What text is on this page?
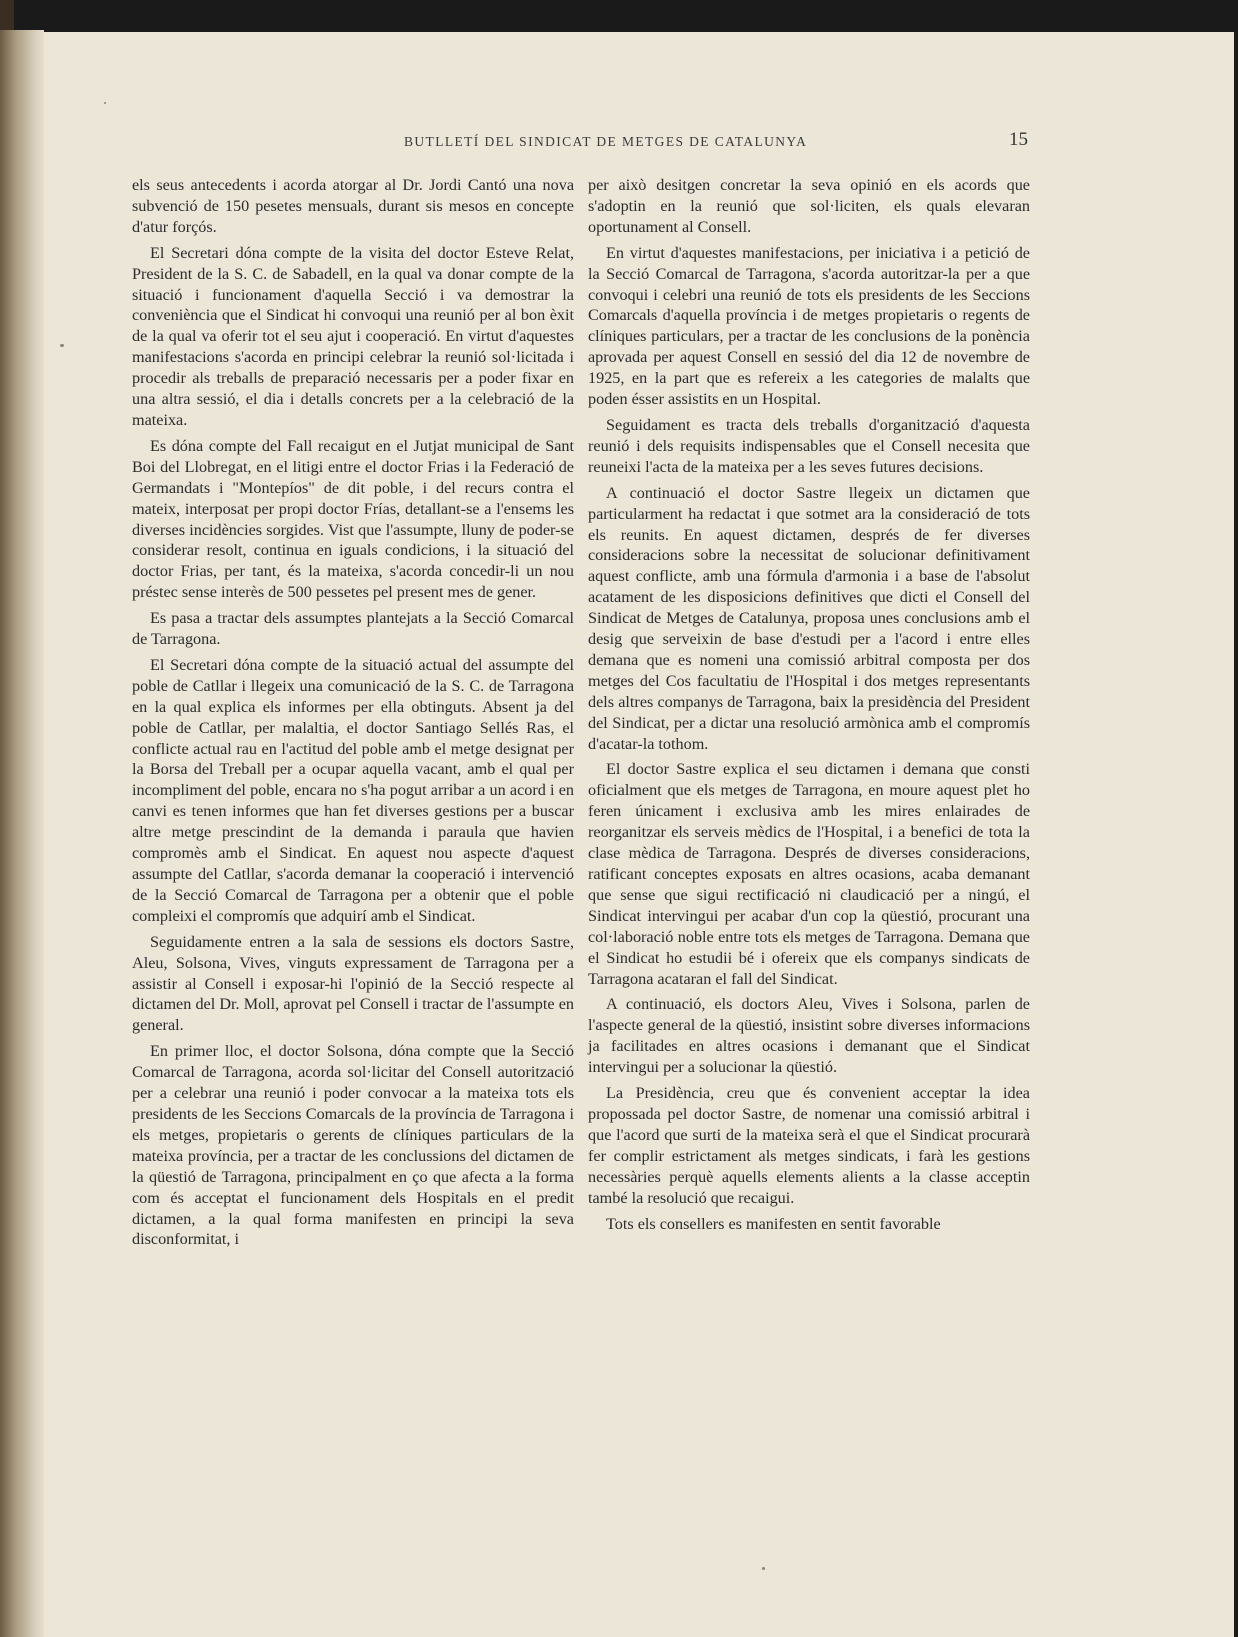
BUTLLETÍ DEL SINDICAT DE METGES DE CATALUNYA	15

els seus antecedents i acorda atorgar al Dr. Jordi Cantó una nova subvenció de 150 pesetes mensuals, durant sis mesos en concepte d'atur forçós.

El Secretari dóna compte de la visita del doctor Esteve Relat, President de la S. C. de Sabadell, en la qual va donar compte de la situació i funcionament d'aquella Secció i va demostrar la conveniència que el Sindicat hi convoqui una reunió per al bon èxit de la qual va oferir tot el seu ajut i cooperació. En virtut d'aquestes manifestacions s'acorda en principi celebrar la reunió sol·licitada i procedir als treballs de preparació necessaris per a poder fixar en una altra sessió, el dia i detalls concrets per a la celebració de la mateixa.

Es dóna compte del Fall recaigut en el Jutjat municipal de Sant Boi del Llobregat, en el litigi entre el doctor Frias i la Federació de Germandats i "Montepíos" de dit poble, i del recurs contra el mateix, interposat per propi doctor Frías, detallant-se a l'ensems les diverses incidències sorgides. Vist que l'assumpte, lluny de poder-se considerar resolt, continua en iguals condicions, i la situació del doctor Frias, per tant, és la mateixa, s'acorda concedir-li un nou préstec sense interès de 500 pessetes pel present mes de gener.

Es pasa a tractar dels assumptes plantejats a la Secció Comarcal de Tarragona.

El Secretari dóna compte de la situació actual del assumpte del poble de Catllar i llegeix una comunicació de la S. C. de Tarragona en la qual explica els informes per ella obtinguts. Absent ja del poble de Catllar, per malaltia, el doctor Santiago Sellés Ras, el conflicte actual rau en l'actitud del poble amb el metge designat per la Borsa del Treball per a ocupar aquella vacant, amb el qual per incompliment del poble, encara no s'ha pogut arribar a un acord i en canvi es tenen informes que han fet diverses gestions per a buscar altre metge prescindint de la demanda i paraula que havien compromès amb el Sindicat. En aquest nou aspecte d'aquest assumpte del Catllar, s'acorda demanar la cooperació i intervenció de la Secció Comarcal de Tarragona per a obtenir que el poble compleixi el compromís que adquirí amb el Sindicat.

Seguidamente entren a la sala de sessions els doctors Sastre, Aleu, Solsona, Vives, vinguts expressament de Tarragona per a assistir al Consell i exposar-hi l'opinió de la Secció respecte al dictamen del Dr. Moll, aprovat pel Consell i tractar de l'assumpte en general.

En primer lloc, el doctor Solsona, dóna compte que la Secció Comarcal de Tarragona, acorda sol·licitar del Consell autorització per a celebrar una reunió i poder convocar a la mateixa tots els presidents de les Seccions Comarcals de la província de Tarragona i els metges, propietaris o gerents de clíniques particulars de la mateixa província, per a tractar de les conclussions del dictamen de la qüestió de Tarragona, principalment en ço que afecta a la forma com és acceptat el funcionament dels Hospitals en el predit dictamen, a la qual forma manifesten en principi la seva disconformitat, i

per això desitgen concretar la seva opinió en els acords que s'adoptin en la reunió que sol·liciten, els quals elevaran oportunament al Consell.

En virtut d'aquestes manifestacions, per iniciativa i a petició de la Secció Comarcal de Tarragona, s'acorda autoritzar-la per a que convoqui i celebri una reunió de tots els presidents de les Seccions Comarcals d'aquella província i de metges propietaris o regents de clíniques particulars, per a tractar de les conclusions de la ponència aprovada per aquest Consell en sessió del dia 12 de novembre de 1925, en la part que es refereix a les categories de malalts que poden ésser assistits en un Hospital.

Seguidament es tracta dels treballs d'organització d'aquesta reunió i dels requisits indispensables que el Consell necesita que reuneixi l'acta de la mateixa per a les seves futures decisions.

A continuació el doctor Sastre llegeix un dictamen que particularment ha redactat i que sotmet ara la consideració de tots els reunits. En aquest dictamen, després de fer diverses consideracions sobre la necessitat de solucionar definitivament aquest conflicte, amb una fórmula d'armonia i a base de l'absolut acatament de les disposicions definitives que dicti el Consell del Sindicat de Metges de Catalunya, proposa unes conclusions amb el desig que serveixin de base d'estudi per a l'acord i entre elles demana que es nomeni una comissió arbitral composta per dos metges del Cos facultatiu de l'Hospital i dos metges representants dels altres companys de Tarragona, baix la presidència del President del Sindicat, per a dictar una resolució armònica amb el compromís d'acatar-la tothom.

El doctor Sastre explica el seu dictamen i demana que consti oficialment que els metges de Tarragona, en moure aquest plet ho feren únicament i exclusiva amb les mires enlairades de reorganitzar els serveis mèdics de l'Hospital, i a benefici de tota la clase mèdica de Tarragona. Després de diverses consideracions, ratificant conceptes exposats en altres ocasions, acaba demanant que sense que sigui rectificació ni claudicació per a ningú, el Sindicat intervingui per acabar d'un cop la qüestió, procurant una col·laboració noble entre tots els metges de Tarragona. Demana que el Sindicat ho estudii bé i ofereix que els companys sindicats de Tarragona acataran el fall del Sindicat.

A continuació, els doctors Aleu, Vives i Solsona, parlen de l'aspecte general de la qüestió, insistint sobre diverses informacions ja facilitades en altres ocasions i demanant que el Sindicat intervingui per a solucionar la qüestió.

La Presidència, creu que és convenient acceptar la idea propossada pel doctor Sastre, de nomenar una comissió arbitral i que l'acord que surti de la mateixa serà el que el Sindicat procurarà fer complir estrictament als metges sindicats, i farà les gestions necessàries perquè aquells elements alients a la classe acceptin també la resolució que recaigui.

Tots els consellers es manifesten en sentit favorable
